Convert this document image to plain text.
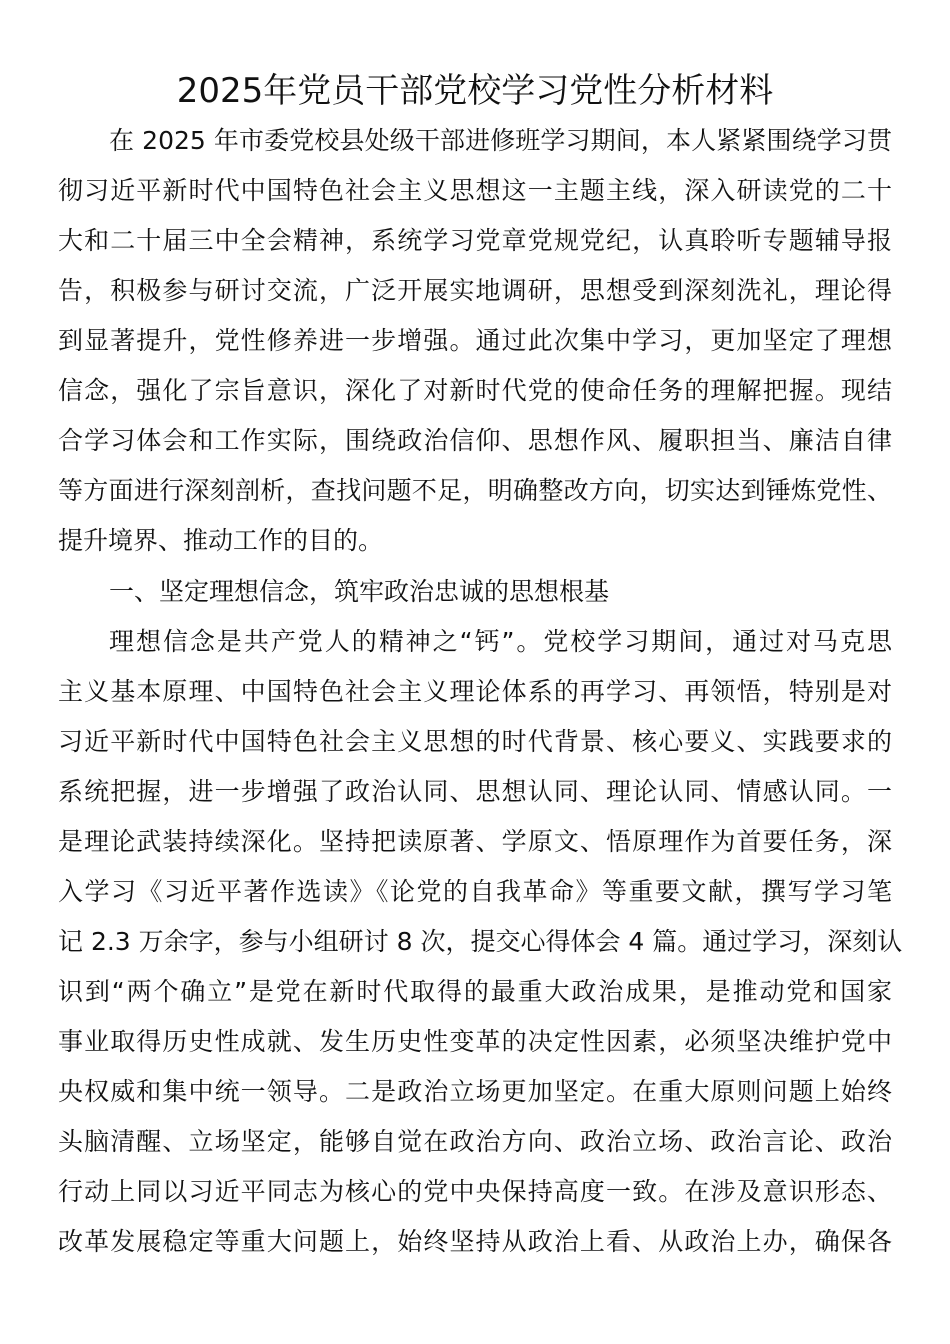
2025年党员干部党校学习党性分析材料
在 2025 年市委党校县处级干部进修班学习期间，本人紧紧围绕学习贯
彻习近平新时代中国特色社会主义思想这一主题主线，深入研读党的二十
大和二十届三中全会精神，系统学习党章党规党纪，认真聆听专题辅导报
告，积极参与研讨交流，广泛开展实地调研，思想受到深刻洗礼，理论得
到显著提升，党性修养进一步增强。通过此次集中学习，更加坚定了理想
信念，强化了宗旨意识，深化了对新时代党的使命任务的理解把握。现结
合学习体会和工作实际，围绕政治信仰、思想作风、履职担当、廉洁自律
等方面进行深刻剖析，查找问题不足，明确整改方向，切实达到锤炼党性、
提升境界、推动工作的目的。
一、坚定理想信念，筑牢政治忠诚的思想根基
理想信念是共产党人的精神之“钙”。党校学习期间，通过对马克思
主义基本原理、中国特色社会主义理论体系的再学习、再领悟，特别是对
习近平新时代中国特色社会主义思想的时代背景、核心要义、实践要求的
系统把握，进一步增强了政治认同、思想认同、理论认同、情感认同。一
是理论武装持续深化。坚持把读原著、学原文、悟原理作为首要任务，深
入学习《习近平著作选读》《论党的自我革命》等重要文献，撰写学习笔
记 2.3 万余字，参与小组研讨 8 次，提交心得体会 4 篇。通过学习，深刻认
识到“两个确立”是党在新时代取得的最重大政治成果，是推动党和国家
事业取得历史性成就、发生历史性变革的决定性因素，必须坚决维护党中
央权威和集中统一领导。二是政治立场更加坚定。在重大原则问题上始终
头脑清醒、立场坚定，能够自觉在政治方向、政治立场、政治言论、政治
行动上同以习近平同志为核心的党中央保持高度一致。在涉及意识形态、
改革发展稳定等重大问题上，始终坚持从政治上看、从政治上办，确保各
